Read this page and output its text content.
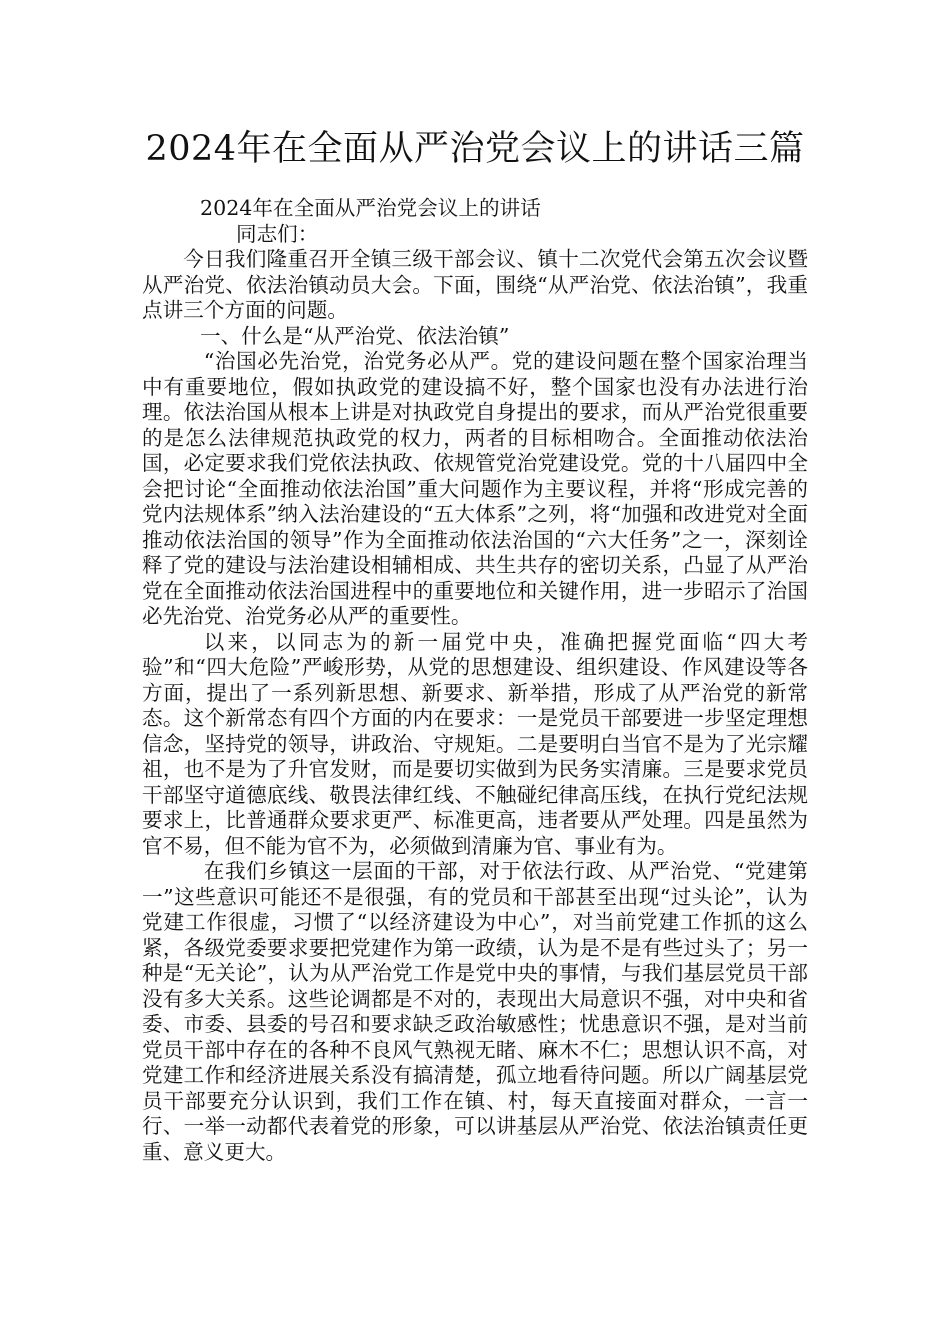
2024年在全面从严治党会议上的讲话三篇

2024年在全面从严治党会议上的讲话

同志们：

今日我们隆重召开全镇三级干部会议、镇十二次党代会第五次会议暨从严治党、依法治镇动员大会。下面，围绕“从严治党、依法治镇”，我重点讲三个方面的问题。

一、什么是“从严治党、依法治镇”

“治国必先治党，治党务必从严。党的建设问题在整个国家治理当中有重要地位，假如执政党的建设搞不好，整个国家也没有办法进行治理。依法治国从根本上讲是对执政党自身提出的要求，而从严治党很重要的是怎么法律规范执政党的权力，两者的目标相吻合。全面推动依法治国，必定要求我们党依法执政、依规管党治党建设党。党的十八届四中全会把讨论“全面推动依法治国”重大问题作为主要议程，并将“形成完善的党内法规体系”纳入法治建设的“五大体系”之列，将“加强和改进党对全面推动依法治国的领导”作为全面推动依法治国的“六大任务”之一，深刻诠释了党的建设与法治建设相辅相成、共生共存的密切关系，凸显了从严治党在全面推动依法治国进程中的重要地位和关键作用，进一步昭示了治国必先治党、治党务必从严的重要性。

以来，以同志为的新一届党中央，准确把握党面临“四大考验”和“四大危险”严峻形势，从党的思想建设、组织建设、作风建设等各方面，提出了一系列新思想、新要求、新举措，形成了从严治党的新常态。这个新常态有四个方面的内在要求：一是党员干部要进一步坚定理想信念，坚持党的领导，讲政治、守规矩。二是要明白当官不是为了光宗耀祖，也不是为了升官发财，而是要切实做到为民务实清廉。三是要求党员干部坚守道德底线、敬畏法律红线、不触碰纪律高压线，在执行党纪法规要求上，比普通群众要求更严、标准更高，违者要从严处理。四是虽然为官不易，但不能为官不为，必须做到清廉为官、事业有为。

在我们乡镇这一层面的干部，对于依法行政、从严治党、“党建第一”这些意识可能还不是很强，有的党员和干部甚至出现“过头论”，认为党建工作很虚，习惯了“以经济建设为中心”，对当前党建工作抓的这么紧，各级党委要求要把党建作为第一政绩，认为是不是有些过头了；另一种是“无关论”，认为从严治党工作是党中央的事情，与我们基层党员干部没有多大关系。这些论调都是不对的，表现出大局意识不强，对中央和省委、市委、县委的号召和要求缺乏政治敏感性；忧患意识不强，是对当前党员干部中存在的各种不良风气熟视无睹、麻木不仁；思想认识不高，对党建工作和经济进展关系没有搞清楚，孤立地看待问题。所以广阔基层党员干部要充分认识到，我们工作在镇、村，每天直接面对群众，一言一行、一举一动都代表着党的形象，可以讲基层从严治党、依法治镇责任更重、意义更大。
